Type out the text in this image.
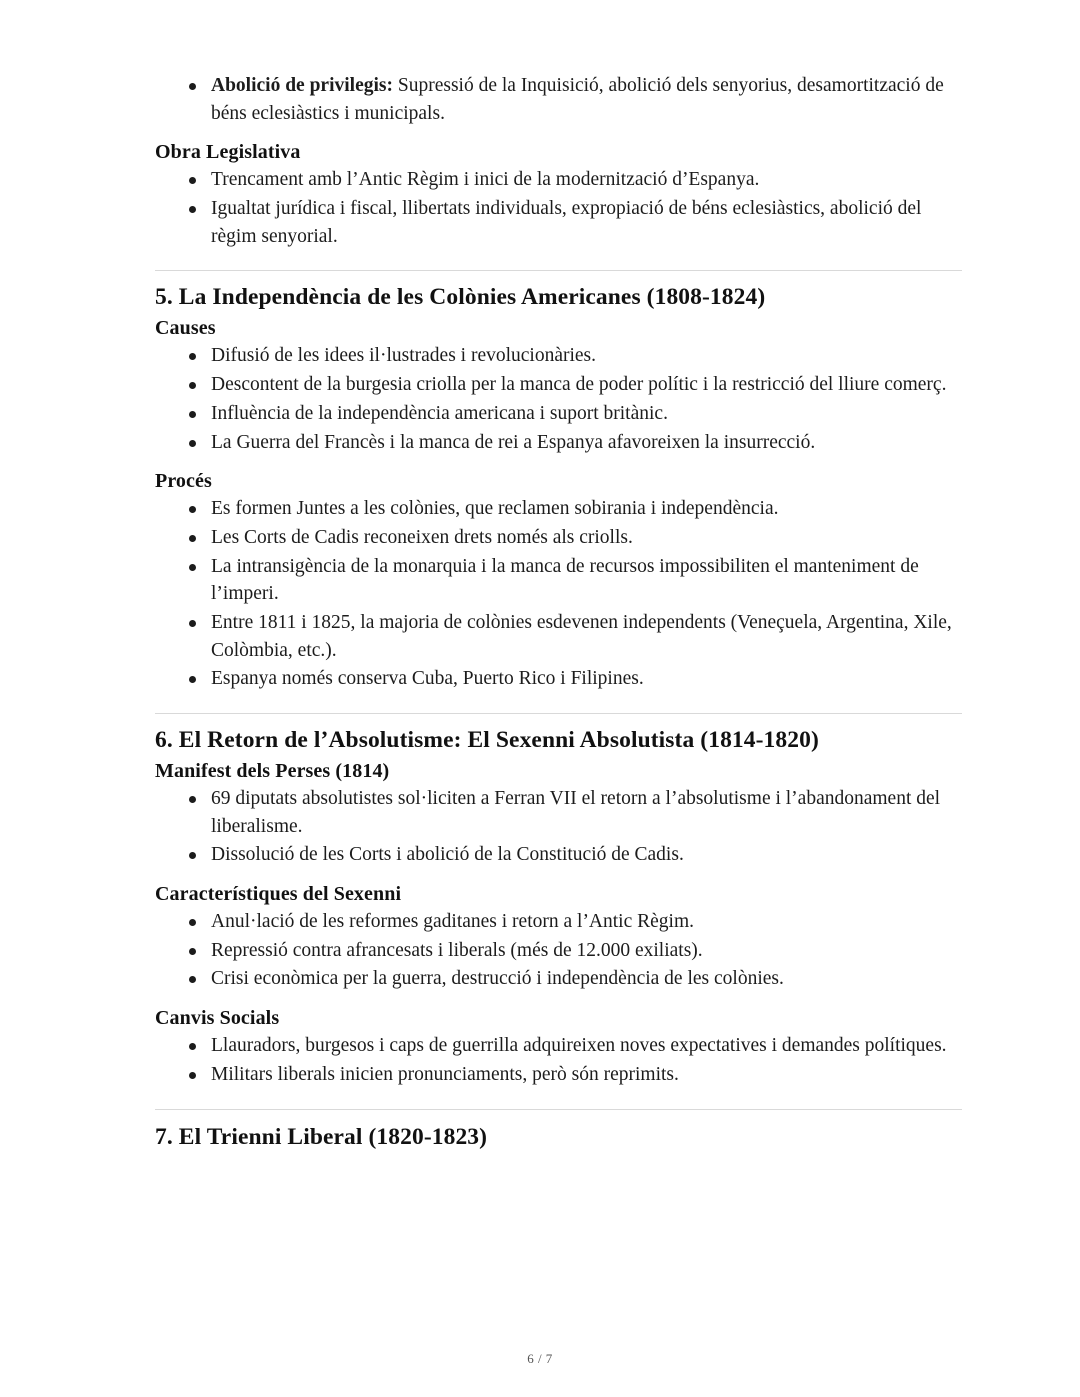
Abolició de privilegis: Supressió de la Inquisició, abolició dels senyorius, desamortització de béns eclesiàstics i municipals.
Obra Legislativa
Trencament amb l’Antic Règim i inici de la modernització d’Espanya.
Igualtat jurídica i fiscal, llibertats individuals, expropiació de béns eclesiàstics, abolició del règim senyorial.
5. La Independència de les Colònies Americanes (1808-1824)
Causes
Difusió de les idees il·lustrades i revolucionàries.
Descontent de la burgesia criolla per la manca de poder polític i la restricció del lliure comerç.
Influència de la independència americana i suport britànic.
La Guerra del Francès i la manca de rei a Espanya afavoreixen la insurrecció.
Procés
Es formen Juntes a les colònies, que reclamen sobirania i independència.
Les Corts de Cadis reconeixen drets només als criolls.
La intransigència de la monarquia i la manca de recursos impossibiliten el manteniment de l’imperi.
Entre 1811 i 1825, la majoria de colònies esdevenen independents (Veneçuela, Argentina, Xile, Colòmbia, etc.).
Espanya només conserva Cuba, Puerto Rico i Filipines.
6. El Retorn de l’Absolutisme: El Sexenni Absolutista (1814-1820)
Manifest dels Perses (1814)
69 diputats absolutistes sol·liciten a Ferran VII el retorn a l’absolutisme i l’abandonament del liberalisme.
Dissolució de les Corts i abolició de la Constitució de Cadis.
Característiques del Sexenni
Anul·lació de les reformes gaditanes i retorn a l’Antic Règim.
Repressió contra afrancesats i liberals (més de 12.000 exiliats).
Crisi econòmica per la guerra, destrucció i independència de les colònies.
Canvis Socials
Llauradors, burgesos i caps de guerrilla adquireixen noves expectatives i demandes polítiques.
Militars liberals inicien pronunciaments, però són reprimits.
7. El Trienni Liberal (1820-1823)
6 / 7
